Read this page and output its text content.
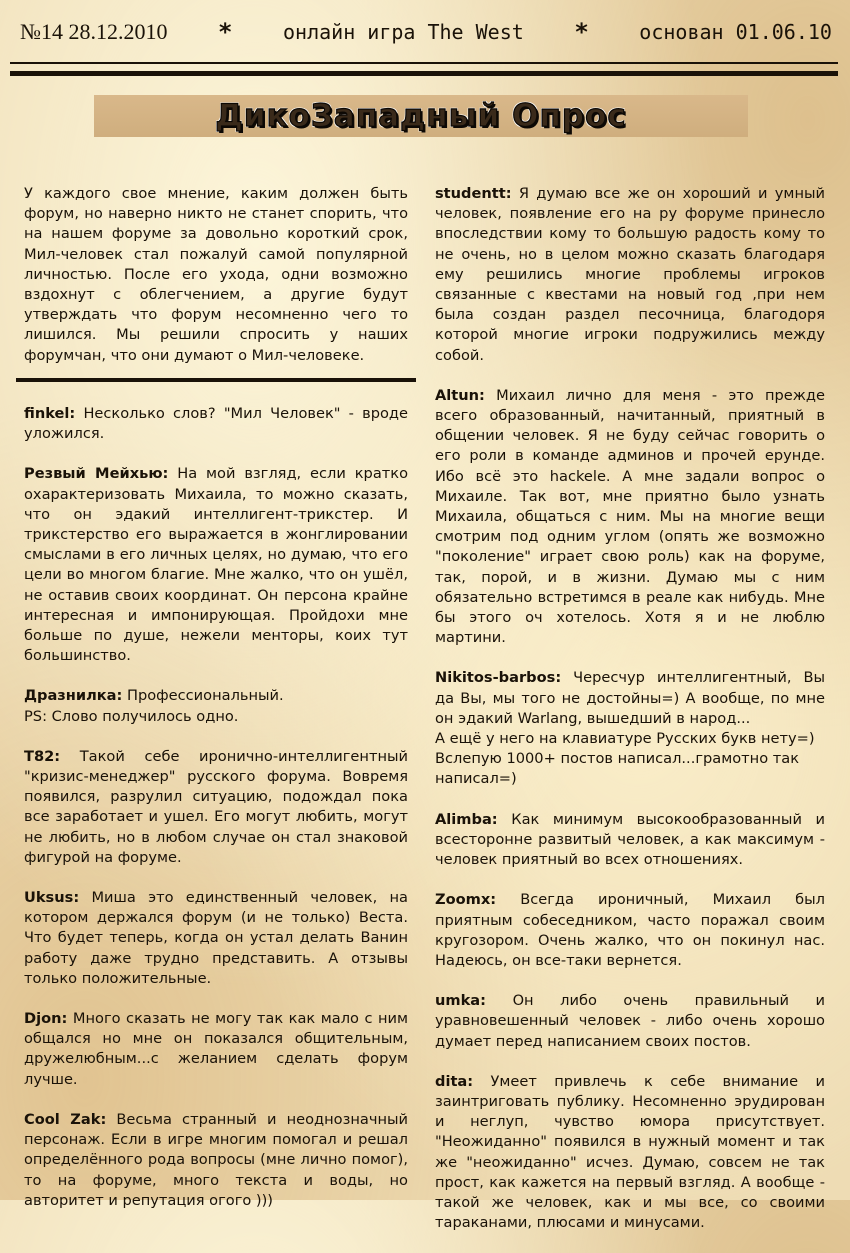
№14 28.12.2010 *	онлайн игра The West *	основан 01.06.10
ДикоЗападный Опрос

У каждого свое мнение, каким должен быть форум, но наверно никто не станет спорить, что на нашем форуме за довольно короткий срок, Мил-человек стал пожалуй самой популярной личностью. После его ухода, одни возможно вздохнут с облегчением, а другие будут утверждать что форум несомненно чего то лишился. Мы решили спросить у наших форумчан, что они думают о Мил-человеке.

finkel: Несколько слов? "Мил Человек" - вроде уложился.

Резвый Мейхью: На мой взгляд, если кратко охарактеризовать Михаила, то можно сказать, что он эдакий интеллигент-трикстер. И трикстерство его выражается в жонглировании смыслами в его личных целях, но думаю, что его цели во многом благие. Мне жалко, что он ушёл, не оставив своих координат. Он персона крайне интересная и импонирующая. Пройдохи мне больше по душе, нежели менторы, коих тут большинство.

Дразнилка: Профессиональный.
PS: Слово получилось одно.

T82: Такой себе иронично-интеллигентный "кризис-менеджер" русского форума. Вовремя появился, разрулил ситуацию, подождал пока все заработает и ушел. Его могут любить, могут не любить, но в любом случае он стал знаковой фигурой на форуме.

Uksus: Миша это единственный человек, на котором держался форум (и не только) Веста. Что будет теперь, когда он устал делать Ванин работу даже трудно представить. А отзывы только положительные.

Djon: Много сказать не могу так как мало с ним общался но мне он показался общительным, дружелюбным...с желанием сделать форум лучше.

Cool Zak: Весьма странный и неоднозначный персонаж. Если в игре многим помогал и решал определённого рода вопросы (мне лично помог), то на форуме, много текста и воды, но авторитет и репутация огого )))

studentt: Я думаю все же он хороший и умный человек, появление его на ру форуме принесло впоследствии кому то большую радость кому то не очень, но в целом можно сказать благодаря ему решились многие проблемы игроков связанные с квестами на новый год ,при нем была создан раздел песочница, благодоря которой многие игроки подружились между собой.

Altun: Михаил лично для меня - это прежде всего образованный, начитанный, приятный в общении человек. Я не буду сейчас говорить о его роли в команде админов и прочей ерунде. Ибо всё это hackele. А мне задали вопрос о Михаиле. Так вот, мне приятно было узнать Михаила, общаться с ним. Мы на многие вещи смотрим под одним углом (опять же возможно "поколение" играет свою роль) как на форуме, так, порой, и в жизни. Думаю мы с ним обязательно встретимся в реале как нибудь. Мне бы этого оч хотелось. Хотя я и не люблю мартини.

Nikitos-barbos: Чересчур интеллигентный, Вы да Вы, мы того не достойны=) А вообще, по мне он эдакий Warlang, вышедший в народ...
А ещё у него на клавиатуре Русских букв нету=) Вслепую 1000+ постов написал...грамотно так написал=)

Alimba: Как минимум высокообразованный и всесторонне развитый человек, а как максимум - человек приятный во всех отношениях.

Zoomx: Всегда ироничный, Михаил был приятным собеседником, часто поражал своим кругозором. Очень жалко, что он покинул нас. Надеюсь, он все-таки вернется.

umka: Он либо очень правильный и уравновешенный человек - либо очень хорошо думает перед написанием своих постов.

dita: Умеет привлечь к себе внимание и заинтриговать публику. Несомненно эрудирован и неглуп, чувство юмора присутствует. "Неожиданно" появился в нужный момент и так же "неожиданно" исчез. Думаю, совсем не так прост, как кажется на первый взгляд. А вообще - такой же человек, как и мы все, со своими тараканами, плюсами и минусами.
